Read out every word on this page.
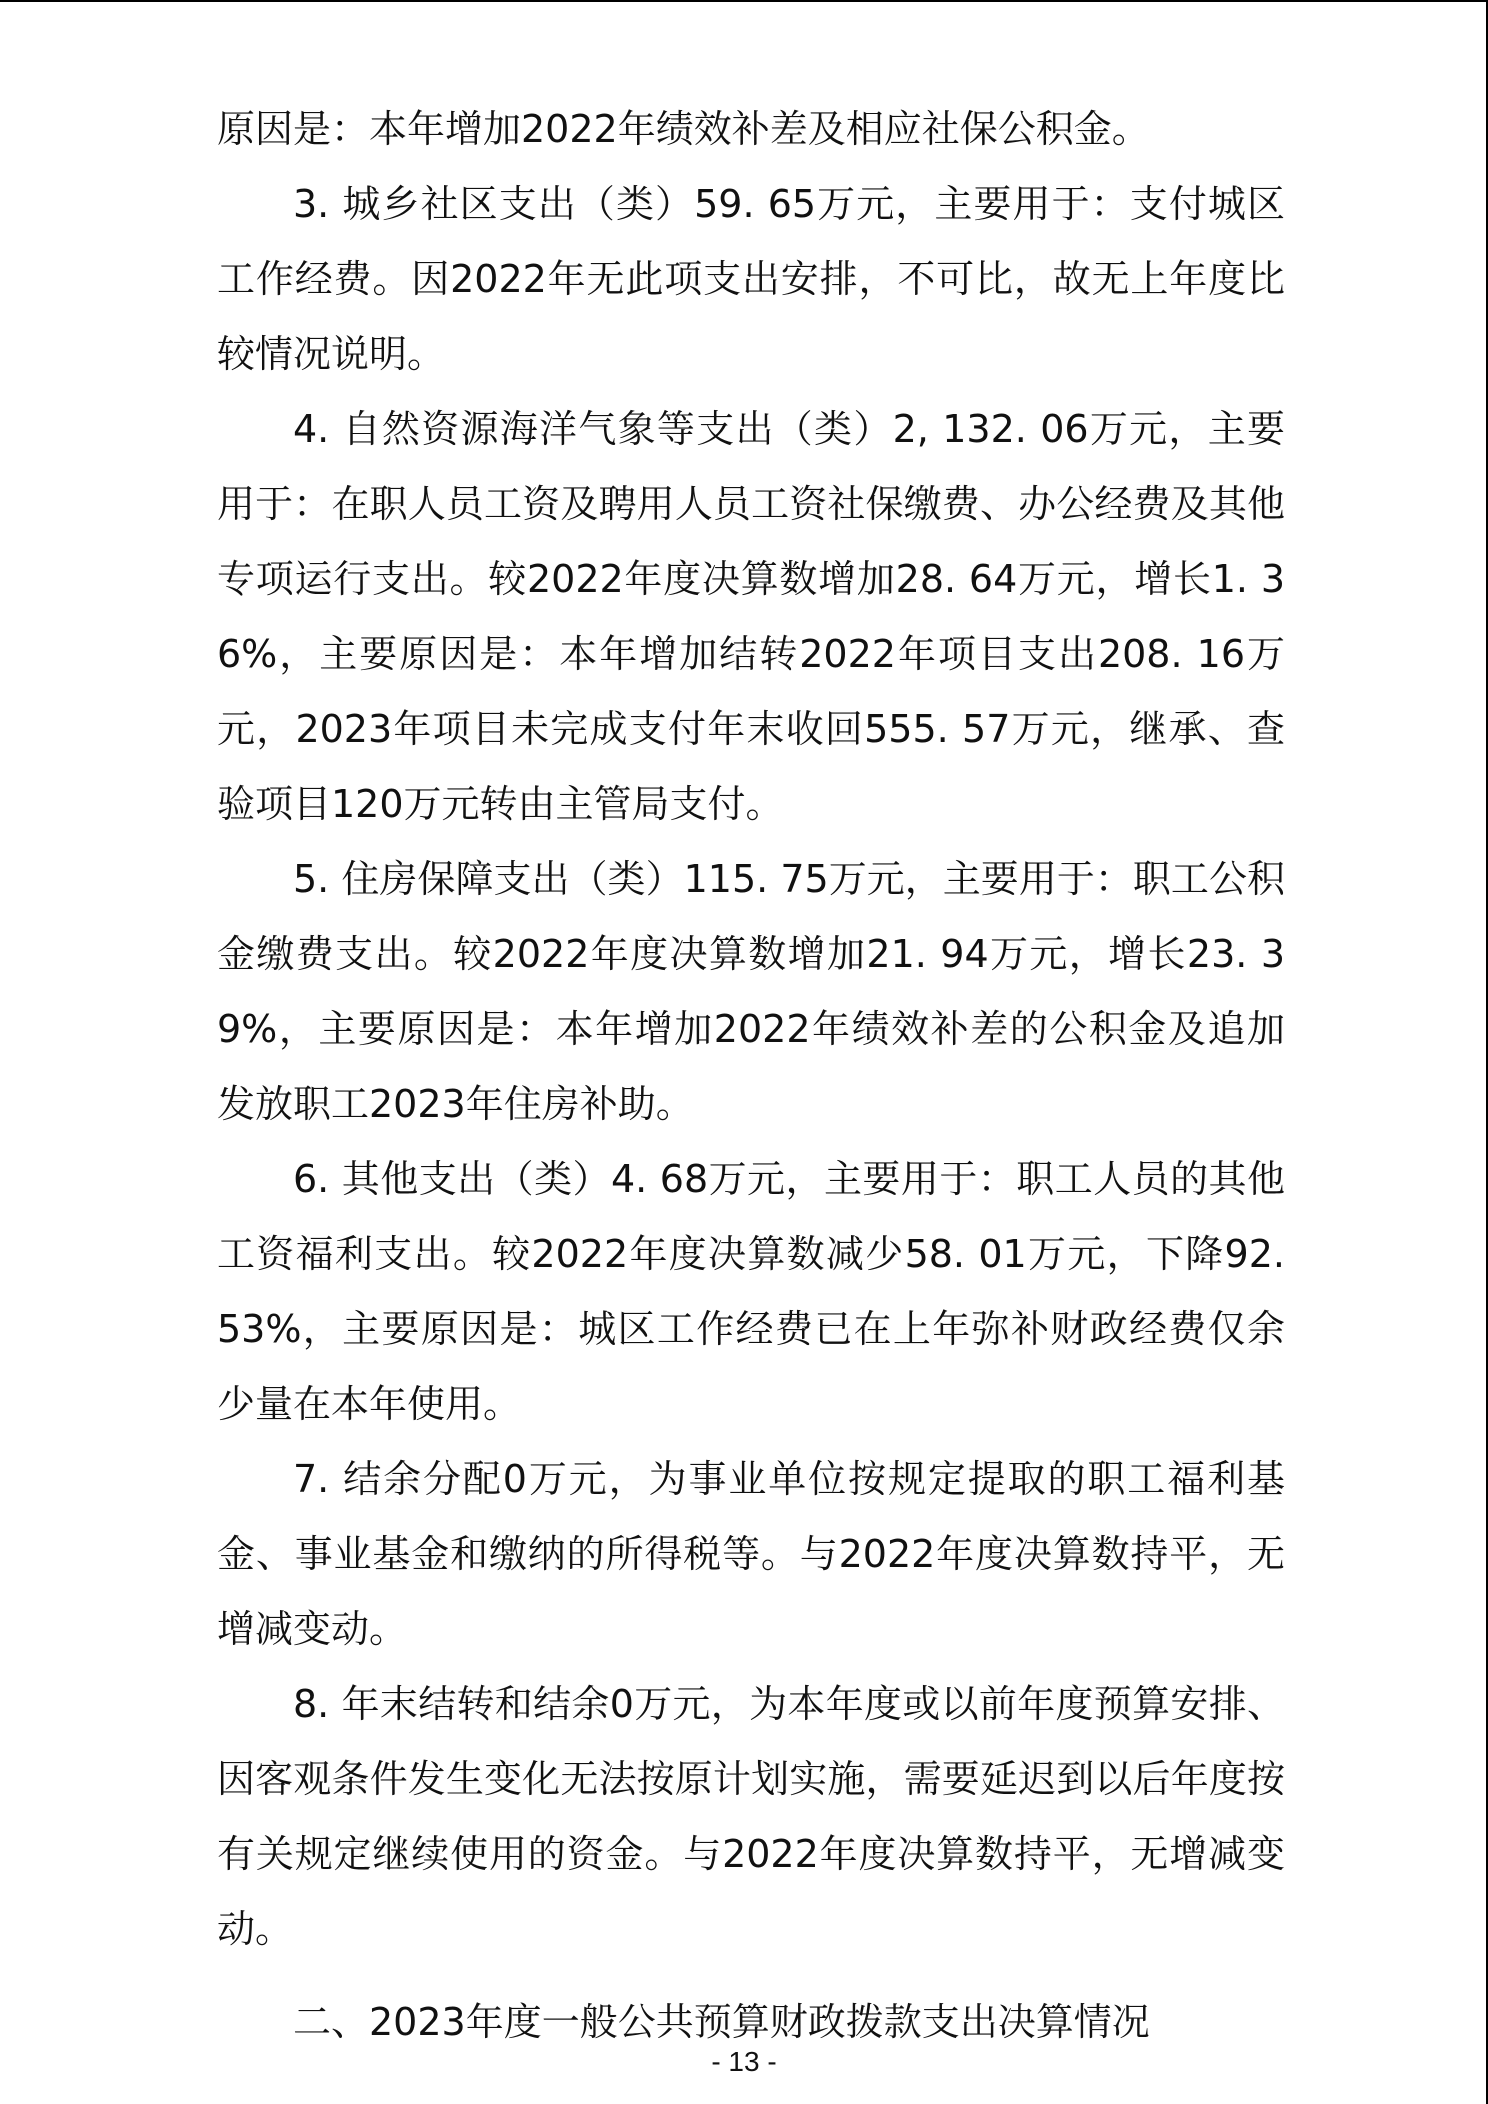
原因是：本年增加2022年绩效补差及相应社保公积金。

3. 城乡社区支出（类）59. 65万元，主要用于：支付城区工作经费。因2022年无此项支出安排，不可比，故无上年度比较情况说明。

4. 自然资源海洋气象等支出（类）2, 132. 06万元，主要用于：在职人员工资及聘用人员工资社保缴费、办公经费及其他专项运行支出。较2022年度决算数增加28. 64万元，增长1. 36%，主要原因是：本年增加结转2022年项目支出208. 16万元，2023年项目未完成支付年末收回555. 57万元，继承、查验项目120万元转由主管局支付。

5. 住房保障支出（类）115. 75万元，主要用于：职工公积金缴费支出。较2022年度决算数增加21. 94万元，增长23. 39%，主要原因是：本年增加2022年绩效补差的公积金及追加发放职工2023年住房补助。

6. 其他支出（类）4. 68万元，主要用于：职工人员的其他工资福利支出。较2022年度决算数减少58. 01万元，下降92. 53%，主要原因是：城区工作经费已在上年弥补财政经费仅余少量在本年使用。

7. 结余分配0万元，为事业单位按规定提取的职工福利基金、事业基金和缴纳的所得税等。与2022年度决算数持平，无增减变动。

8. 年末结转和结余0万元，为本年度或以前年度预算安排、因客观条件发生变化无法按原计划实施，需要延迟到以后年度按有关规定继续使用的资金。与2022年度决算数持平，无增减变动。

二、2023年度一般公共预算财政拨款支出决算情况

- 13 -
